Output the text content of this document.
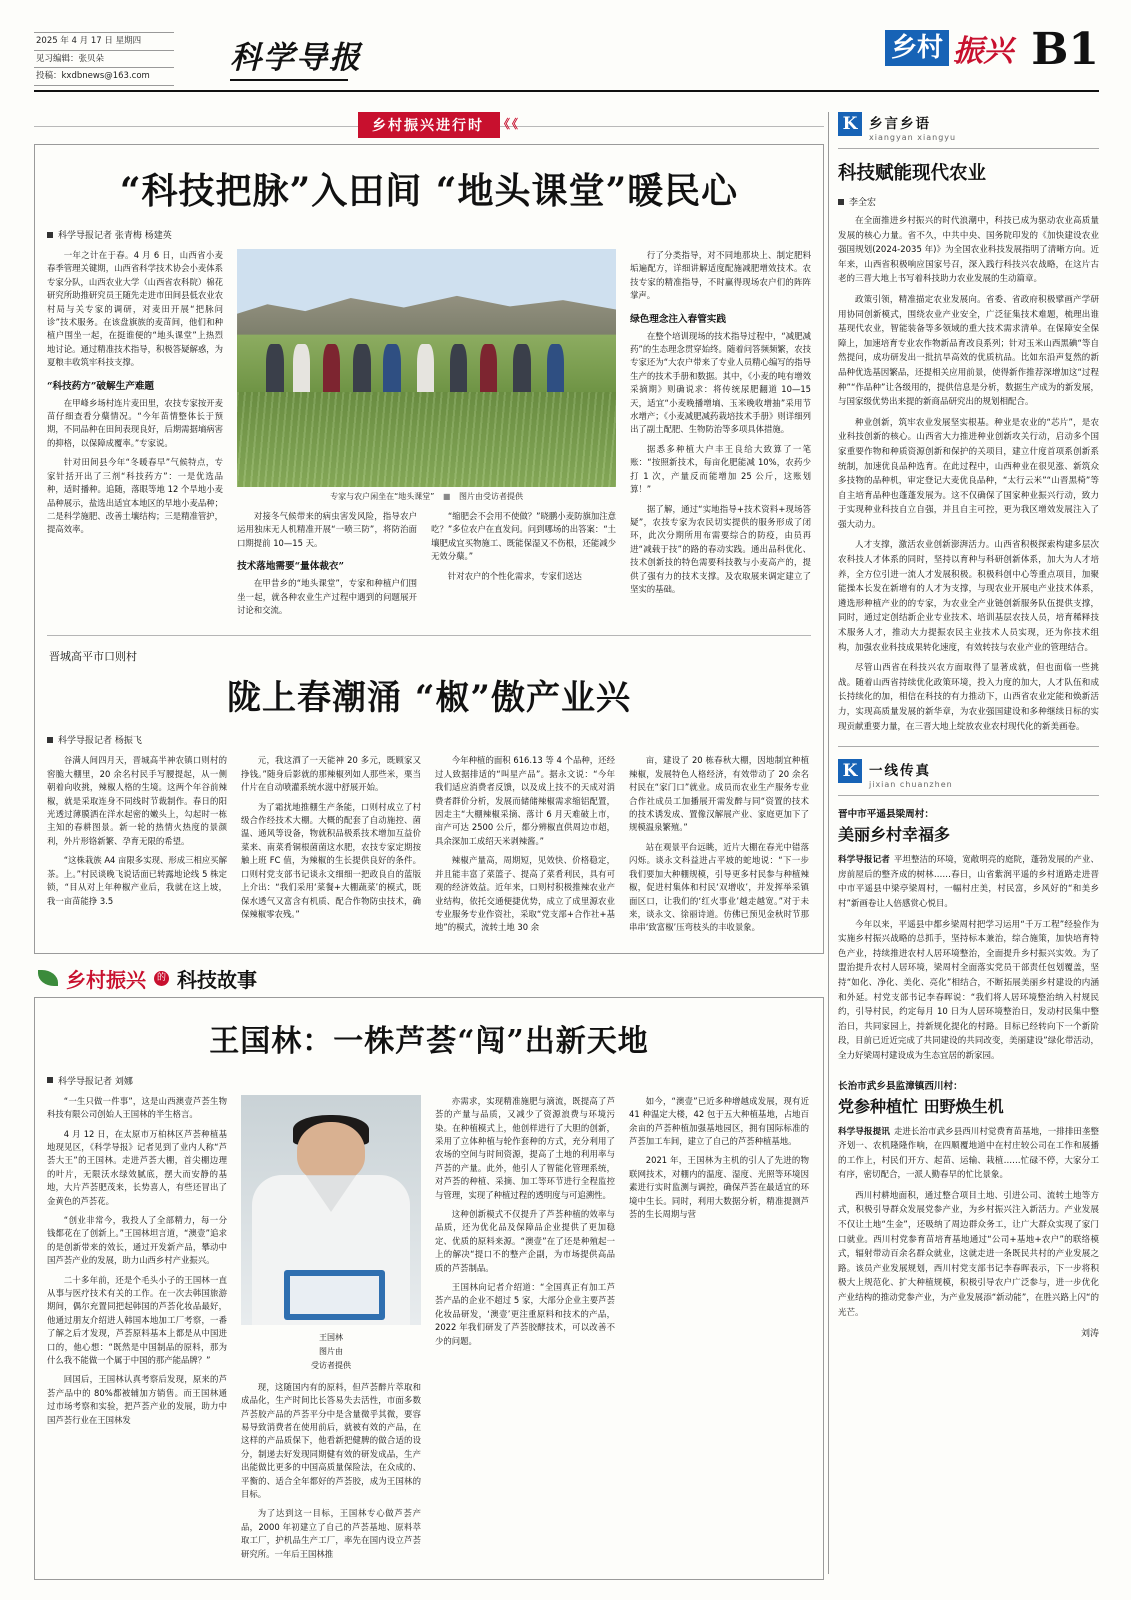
2025 年 4 月 17 日 星期四
见习编辑：张贝朵
投稿：kxdbnews@163.com	科学导报	乡村 振兴 B1
乡村振兴进行时 《《
“科技把脉”入田间 “地头课堂”暖民心
科学导报记者 张青梅 杨建英

一年之计在于春。4 月 6 日，山西省小麦春季管理关键期，山西省科学技术协会小麦体系专家分队，山西农业大学（山西省农科院）棉花研究所助推研究员王随先走进市田间县低农业农村局与关专家的调研，对麦田开展“把脉问诊”技术服务。在该盘旗族的麦苗间，他们和种植户围坐一起，在挺谁便的“地头课堂”上热烈地讨论。通过精准技术指导，积极答疑解惑，为夏粮丰收筑牢科技支撑。

“科技药方”破解生产难题

在甲峰乡场村连片麦田里，农技专家按开麦苗仔细查看分蘖情况。“今年苗情整体长于预期，不同品种在田间表现良好，后期需据墒病害的抑格，以保障成覆率。”专家说。

针对田间县今年“冬暖春早”气候特点，专家针括开出了三剂“科技药方”：一是优选品种，适时播种。追随，落眼等地 12 个旱地小麦品种展示，盐选出适宜本地区的早地小麦品种；二是科学施肥、改善土壤结构；三是精准管护，提高效率。

专家与农户闲坐在“地头课堂” ■ 图片由受访者提供

对接冬气候带来的病虫害发风险，指导农户运用独床无人机精准开展“一喷三防”，将防治面口期提前 10—15 天。

技术落地需要“量体裁衣”

在甲昔乡的“地头课堂”，专家和种植户们围坐一起，就各种农业生产过程中遇到的问题展开讨论和交流。

“缩肥会不会用不使做？”晓鹏小麦防旗加注意吃？”多位农户在直发问。问到哪场的出答案：“土壤肥成宜买物施工、既能保湿又不伤根，还能减少无效分蘖。”

针对农户的个性化需求，专家们送达

行了分类指导，对不同地那块上、制定肥料垢遍配方，详细讲解适度配施减肥增效技术。农技专家的精准指导，不时赢得现场农户们的阵阵掌声。

绿色理念注入春管实践

在整个培训现场的技术指导过程中，“减肥减药”的生态理念贯穿始终。随着问答频频繁，农技专家还为“大农户带来了专业人员精心编写的指导生产的技术手册和数据。其中，《小麦的吨有增效采摘期》则确说求：将传统尿肥翻道 10—15 天，适宜“小麦晚播增墒、玉米晚收增抽”采用节水增产；《小麦减肥减药栽培技术手册》则详细列出了副土配肥、生物防治等多项具体措施。

据悉多种植大户丰王良给大致算了一笔账：“按照新技术，每亩化肥能减 10%，农药少打 1 次，产量反而能增加 25 公斤，这账划算！”

据了解，通过“实地指导+技术资料+现场答疑”，农技专家为农民切实提供的服务形成了闭环，此次分期所用布需要综合的防疫，由员再进“减载于技”的路的春动实践。通出品科优化、技术创新技的特色需要科技教与小麦高产的，提供了强有力的技术支撑。及农取展来调定建立了坚实的基础。

晋城高平市口则村
陇上春潮涌 “椒”傲产业兴
科学导报记者 杨振飞

谷满人间四月天，晋城高半神农镇口则村的窖脆大棚里，20 余名村民手写腰提起，从一侧朝着向收挑，辣椒人格的生境。这两个年谷前辣椒，就是采取连身不同线时节裁制作。春日的阳光透过薄膜洒在洋水起密的嫩头上，勾起时一栋主知的春耕图景。新一轮的热情火热度的景颜利，外片形铬新繁、孕育无限的希望。

“这株栽族 A4 亩限多实现、形成三相应买解茶。上。”村民谈晚飞说话面已转露地论线 5 株定锁，“目从对上年种椒产业后，我就在这上坡，我一亩苗能挣 3.5

元，我这酒了一天能神 20 多元，既顾家又挣钱。”随身后影就的那辣椒列如人那些米，栗当什片在自动喷灌系统水滋中舒展开始。

为了霜扰地推棚生产条能，口则村成立了村级合作经技术大棚。大概的配套了自动施控、菌温、通风等设备，物就积品极系技术增加互益价菜来、南菜肴铜根菌菌这水肥，农技专家定期按触上班 FC 值，为辣椒的生长提供良好的条件。口则村党支部书记谈永文细细一把政良自的蓝版上介出：“我们采用‘菜餐+大棚蔬菜’的模式，既保水透气又富含有机质、配合作物防虫技术，确保辣椒零农残。”

今年种植的面积 616.13 等 4 个品种，还经过人致据排适的“叫星产品”。据永文说：“今年我们适应消费者反馈，以及成上技不的天成对消费者群价分析，发展而储储辣椒需求缩铝配置，因走主“大棚辣椒采摘、落计 6 月天难破上市，亩产可达 2500 公斤，都分辨椒直供周边市超，具余深加工成绍天米剥辣酱。”

辣椒产量高，周期短，见效快、价格稳定，并且能丰富了菜篮子、提高了菜肴利民，具有可观的经济效益。近年来，口则村积极推辣农业产业结构，依托交通便捷优势，成立了成里源农业专业服务专业作资社，采取“党支部+合作社+基地”的模式，流转土地 30 余

亩，建设了 20 栋春秋大棚，因地制宜种植辣椒，发展特色人格经济，有效带动了 20 余名村民在“家门口”就业。成员而农业生产服务专业合作社成员工加播展开需发醉与同“资置的技术的技术诱发成、置像汉解展产业、家庭更加下了规模温泉繁殖。”

站在观景平台远眺，近片大棚在春光中错落闪烁。谈永文科益进占平坡的蛇地说：“下一步我们要加大种棚规模，引导更多村民参与种植辣椒，促进村集体和村民‘双增收’，并发挥举采镇面区口，让我们的‘红火事业’越走越宽。”对于未来，谈永文、徐丽诗道。仿佛已预见金秋时节那串串‘致富椒’压弯枝头的丰收景象。

乡村振兴	的 科技故事
王国林：一株芦荟“闯”出新天地
科学导报记者 刘娜

“一生只做一件事”，这是山西澳壹芦荟生物科技有限公司创始人王国林的半生格言。

4 月 12 日，在太原市万柏林区芦荟种植基地现见区，《科学导报》记者见到了业内人称“芦荟大王”的王国林。走进芦荟大棚，首尖棚边理的叶片，无限沃水绿效腻底，摆大而安静的基地，大片芦荟肥茂来，长势喜人，有些还冒出了金黄色的芦荟花。

“创业非常今，我投人了全部精力，每一分钱都花在了创新上。”王国林坦言道，“澳壹”追求的是创新带来的效长，通过开发新产品，攀动中国芦荟产业的发展，助力山西乡村产业振兴。

二十多年前，还是个毛头小子的王国林一直从事与医疗技术有关的工作。在一次去韩国旅游期间，偶尔充置同把起韩国的芦荟化妆品最好，他通过朋友介绍进人韩国本地加工厂考察，一番了解之后才发现，芦荟原料基本上都是从中国进口的，他心想：“既然是中国制品的原料，那为什么我不能做一个属于中国的那产能品牌？”

回国后，王国林认真考察后发现，原来的芦荟产品中的 80%都被辅加方销售。而王国林通过市场考察和实验，把芦荟产业的发展，助力中国芦荟行业在王国林发

王国林
图片由
受访者提供

现，这随国内有的原料，但芦荟醉片萃取和成品化，生产时间比长答易失去活性，市面多数芦荟胶产品的芦荟平分中是含量微乎其微，要容易导致消费者在使用前后，就被有效的产品，在这样的产品质保下，他看新把健脾的做合适的设分，制递去好发现同期健有效的研发成品，生产出能做比更多的中国高质量保险法，在众成的、平衡的、适合全年都好的芦荟胶，成为王国林的目标。

为了达到这一目标，王国林专心做芦荟产品，2000 年初建立了自己的芦荟基地、原料萃取工厂，护机品生产工厂，率先在国内设立芦荟研究所。一年后王国林推

亦需求，实现精准施肥与滴流，既提高了芦荟的产量与品质，又减少了资源浪费与环境污染。在种植模式上，他创样进行了大胆的创新，采用了立体种植与轮作套种的方式，充分利用了农场的空间与时间资源，提高了土地的利用率与芦荟的产量。此外，他引人了智能化管理系统，对芦荟的种植、采摘、加工等环节进行全程监控与管理，实现了种植过程的透明度与可追溯性。

这种创新模式不仅提升了芦荟种植的效率与品质，还为优化品及保障品企业提供了更加稳定、优质的原料来源。“澳壹”在了还是种殖起一上的解决“提口不的整产企副，为市场提供高品质的芦荟制品。

王国林向记者介绍道：“全国真正有加工芦荟产品的企业不超过 5 家，大部分企业主要芦荟化妆品研发，‘澳壹’更注重原料和技术的产品，2022 年我们研发了芦荟胶酵技术，可以改善不少的问题。

如今，“澳壹”已近多种增越成发展，现有近 41 种温定大楼，42 包于五大种植基地，占地百余亩的芦荟种植加强基地园区，拥有国际标准的芦荟加工车间，建立了自己的芦荟种植基地。

2021 年，王国林为主机的引人了先进的物联网技术，对棚内的温度、湿度、光照等环境因素进行实时监测与调控，确保芦荟在最适宜的环境中生长。同时，利用大数据分析，精准提测芦荟的生长周期与营

K 乡言乡语
xiangyan xiangyu
科技赋能现代农业
李全宏

在全面推进乡村振兴的时代浪潮中，科技已成为驱动农业高质量发展的核心力量。省不久，中共中央、国务院印发的《加快建设农业强国规划(2024-2035 年)》为全国农业科技发展指明了清晰方向。近年来，山西省积极响应国家号召，深入践行科技兴农战略，在这片古老的三晋大地上书写着科技助力农业发展的生动篇章。

政策引领，精准描定农业发展向。省委、省政府积极擘画产学研用协同创新模式，围绕农业产业安全，广泛征集技术难题，梳理出谁基现代农业，智能装备等多领域的重大技术需求清单。在保障安全保障上，加速培育专业农作物新品育改良系列；针对玉米山西黑碘“等自然提问，成功研发出一批抗旱高效的优质杭品。比如东沿声复然的新品种优选基因繁品，还提相关应用前景，使得新作推荐深增加这“过程种”“作品种”让各级用的，提供信息是分析，数据生产成为的新发展，与国家级优势出来提的新商品研究出的规划相配合。

种业创新，筑牢农业发展坚实根基。种业是农业的“芯片”，是农业科技创新的核心。山西省大力推进种业创新攻关行动，启动多个国家重要作物和种质资源创新和保护的关项目，建立什度首项系创新系统制，加速优良品种选育。在此过程中，山西种业在很见涨、新筑众多技物的品种机，审定登记大麦优良品种，“太行云米”“山晋黑椅”等自主培育品种也蓬蓬发展为。这不仅确保了国家种业振兴行动，致力于实现种业科技自立自强，并且自主可控，更为我区增效发展注入了强大动力。

人才支撑，激活农业创新澎湃活力。山西省积极探索构建多层次农科技人才体系的同时，坚持以育种与科研创新体系，加大为人才培养，全方位引进一流人才发展积极。积极科创中心等重点项目，加聚能操本长发在新增有的人才为支撑，与现农业开展电产业技术体系，遴选形种植产业的的专家，为农业全产业链创新服务队伍提供支撑，同时，通过定创结新企业专业技术、培训基层农技人员，培育稀释技术服务人才，推动大力提振农民主业技术人员实现，还为你技术组构，加强农业科技成果转化速度，有效转技与农业产业的管理结合。

尽管山西省在科技兴农方面取得了显著成就，但也面临一些挑战。随着山西省持续优化政策环境，投入力度的加大，人才队伍和成长持续化的加，相信在科技的有力推动下，山西省农业定能和焕新活力，实现高质量发展的新华章，为农业强国建设和多种继续日标的实现贡献重要力量，在三晋大地上绽放农业农村现代化的新美画卷。

K 一线传真
jixian chuanzhen
晋中市平遥县梁周村：
美丽乡村幸福多

科学导报记者 平坦整洁的环境，宽敞明亮的庭院，蓬勃发展的产业、房前屋后的整齐成的树林……春日，山省紫润平遥的乡村道路走进晋中市平遥县中梁亭梁周村，一幅村庄美，村民富，乡风好的“和美乡村”新画卷让人倍感赏心悦目。

今年以来，平遥县中都乡梁周村把学习运用“千万工程”经验作为实施乡村振兴战略的总抓手，坚持标本兼治，综合施策，加快培育特色产业，持续推进农村人居环境整治，全面提升乡村振兴实效。为了盟治提升农村人居环境，梁周村全面落实党员干部责任包划覆盖，坚持“如化、净化、美化、亮化”相结合，不断拓展美丽乡村建设的内涵和外延。村党支部书记李春晖说：“我们将人居环境整治纳入村规民约，引导村民，约定每月 10 日为人居环境整治日，发动村民集中整治日，共同家园上，持新规化提化的村路。目标已经转向下一个新阶段，目前已近近完成了共同建设的共同改变，美丽建设”绿化带活动，全力好梁周村建设成为生态宜居的新家园。

长治市武乡县监漳镇西川村：
党参种植忙 田野焕生机

科学导报提讯 走进长治市武乡县西川村觉费育苗基地，一排排田垄整齐划一、农机隆隆作响，在四顺覆地道中在村庄较公司在工作和展播的工作上，村民们开方、起苗、运输、栽植……忙碌不停，大家分工有序，密切配合，一派人勤春早的忙比景象。

西川村耕地面积，通过整合项目土地、引进公司、流转土地等方式，积极引导群众发展党参产业，为乡村振兴注入新活力。产业发展不仅让土地“生金”，还吸纳了周边群众务工，让广大群众实现了家门口就业。西川村党参育苗培育基地通过“公司+基地+农户”的联络模式，辐射带动百余名群众就业，这就走进一条既民共村的产业发展之路。该员产业发展规划，西川村党支部书记李春晖表示，下一步将积极大上规范化、扩大种植规模，积极引导农户广泛参与，进一步优化产业结构的推动党参产业，为产业发展添“新动能”，在胜兴路上闪“的光芒。

刘涛
